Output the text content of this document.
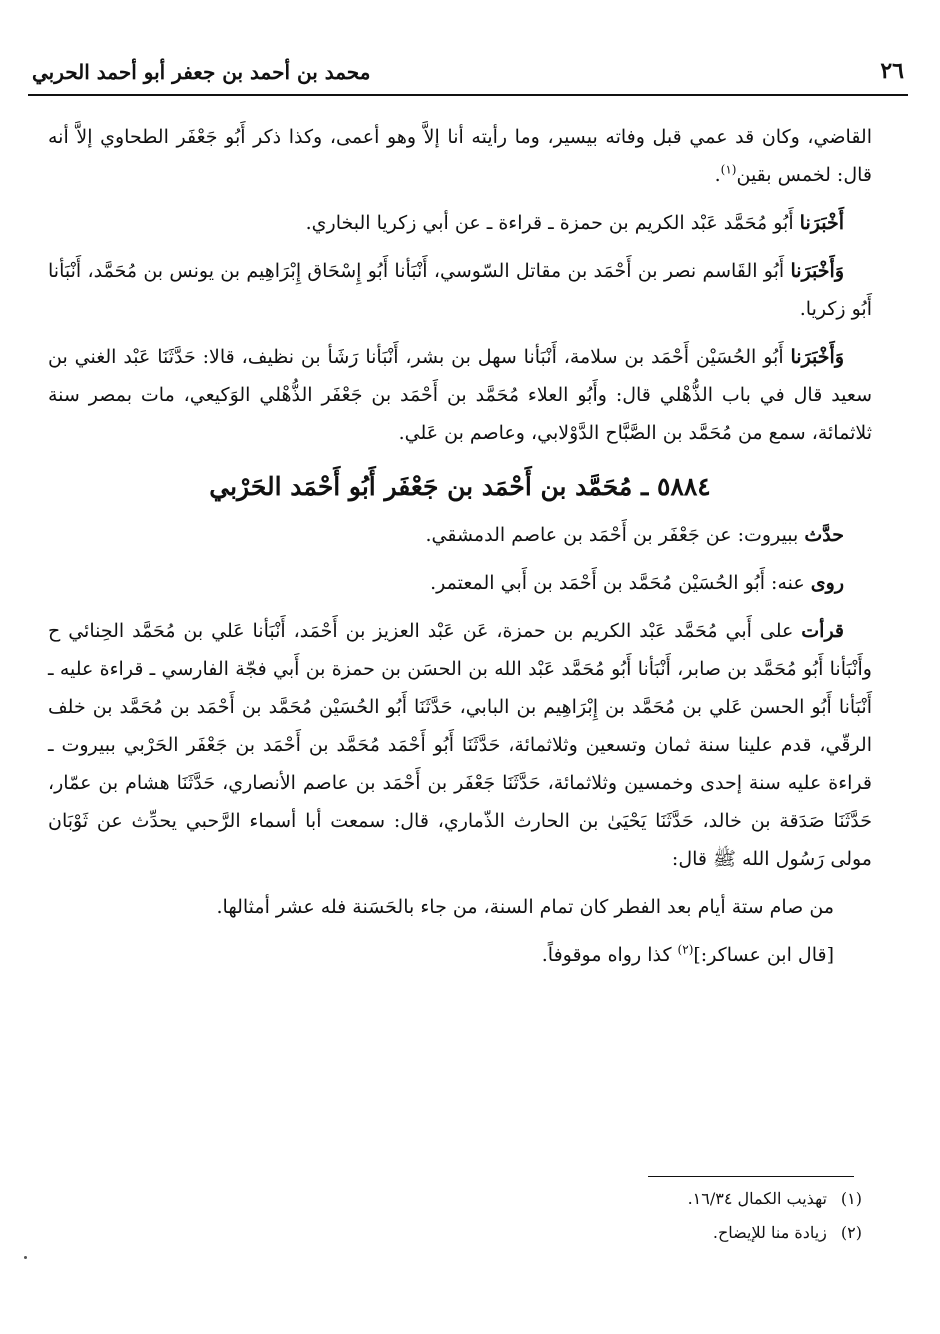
٢٦
محمد بن أحمد بن جعفر أبو أحمد الحربي

القاضي، وكان قد عمي قبل وفاته بيسير، وما رأيته أنا إلاَّ وهو أعمى، وكذا ذكر أَبُو جَعْفَر الطحاوي إلاَّ أنه قال: لخمس بقين$^{(١)}$.

أَخْبَرَنا أَبُو مُحَمَّد عَبْد الكريم بن حمزة ـ قراءة ـ عن أبي زكريا البخاري.

وَأَخْبَرَنا أَبُو القَاسم نصر بن أَحْمَد بن مقاتل السّوسي، أَنْبَأنا أَبُو إِسْحَاق إِبْرَاهِيم بن يونس بن مُحَمَّد، أَنْبَأنا أَبُو زكريا.

وَأَخْبَرَنا أَبُو الحُسَيْن أَحْمَد بن سلامة، أَنْبَأنا سهل بن بشر، أَنْبَأنا رَشَأ بن نظيف، قالا: حَدَّثَنَا عَبْد الغني بن سعيد قال في باب الذُّهْلي قال: وأَبُو العلاء مُحَمَّد بن أَحْمَد بن جَعْفَر الذُّهْلي الوَكيعي، مات بمصر سنة ثلاثمائة، سمع من مُحَمَّد بن الصَّبَّاح الدَّوْلابي، وعاصم بن عَلي.

٥٨٨٤ ـ مُحَمَّد بن أَحْمَد بن جَعْفَر أَبُو أَحْمَد الحَرْبي

حدَّث ببيروت: عن جَعْفَر بن أَحْمَد بن عاصم الدمشقي.

روى عنه: أَبُو الحُسَيْن مُحَمَّد بن أَحْمَد بن أَبي المعتمر.

قرأت على أَبي مُحَمَّد عَبْد الكريم بن حمزة، عَن عَبْد العزيز بن أَحْمَد، أَنْبَأنا عَلي بن مُحَمَّد الحِنائي ح وأَنْبَأنا أَبُو مُحَمَّد بن صابر، أَنْبَأنا أَبُو مُحَمَّد عَبْد الله بن الحسَن بن حمزة بن أَبي فجّة الفارسي ـ قراءة عليه ـ أَنْبَأنا أَبُو الحسن عَلي بن مُحَمَّد بن إِبْرَاهِيم بن البابي، حَدَّثَنَا أَبُو الحُسَيْن مُحَمَّد بن أَحْمَد بن مُحَمَّد بن خلف الرقّي، قدم علينا سنة ثمان وتسعين وثلاثمائة، حَدَّثَنَا أَبُو أَحْمَد مُحَمَّد بن أَحْمَد بن جَعْفَر الحَرْبي ببيروت ـ قراءة عليه سنة إحدى وخمسين وثلاثمائة، حَدَّثَنَا جَعْفَر بن أَحْمَد بن عاصم الأنصاري، حَدَّثَنَا هشام بن عمّار، حَدَّثَنَا صَدَقة بن خالد، حَدَّثَنَا يَحْيَىٰ بن الحارث الذّماري، قال: سمعت أبا أسماء الرَّحبي يحدِّث عن ثَوْبَان مولى رَسُول الله ﷺ قال:

من صام ستة أيام بعد الفطر كان تمام السنة، من جاء بالحَسَنة فله عشر أمثالها.

[قال ابن عساكر:]$^{(٢)}$ كذا رواه موقوفاً.

(١) تهذيب الكمال ١٦/٣٤.
(٢) زيادة منا للإيضاح.
